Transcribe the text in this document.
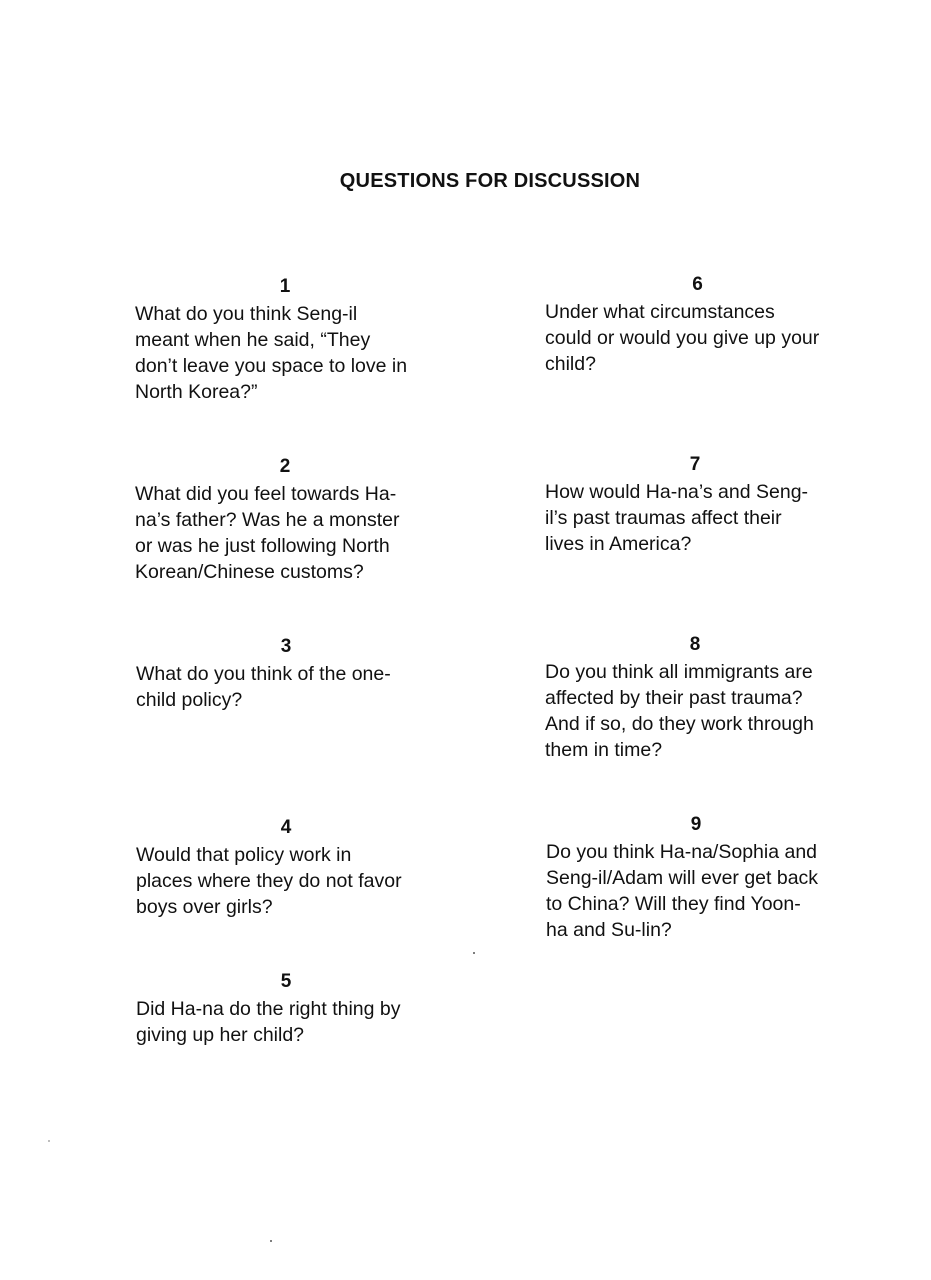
QUESTIONS FOR DISCUSSION
1
What do you think Seng-il
meant when he said, “They
don’t leave you space to love in
North Korea?”
2
What did you feel towards Ha-
na’s father? Was he a monster
or was he just following North
Korean/Chinese customs?
3
What do you think of the one-
child policy?
4
Would that policy work in
places where they do not favor
boys over girls?
5
Did Ha-na do the right thing by
giving up her child?
6
Under what circumstances
could or would you give up your
child?
7
How would Ha-na’s and Seng-
il’s past traumas affect their
lives in America?
8
Do you think all immigrants are
affected by their past trauma?
And if so, do they work through
them in time?
9
Do you think Ha-na/Sophia and
Seng-il/Adam will ever get back
to China? Will they find Yoon-
ha and Su-lin?
